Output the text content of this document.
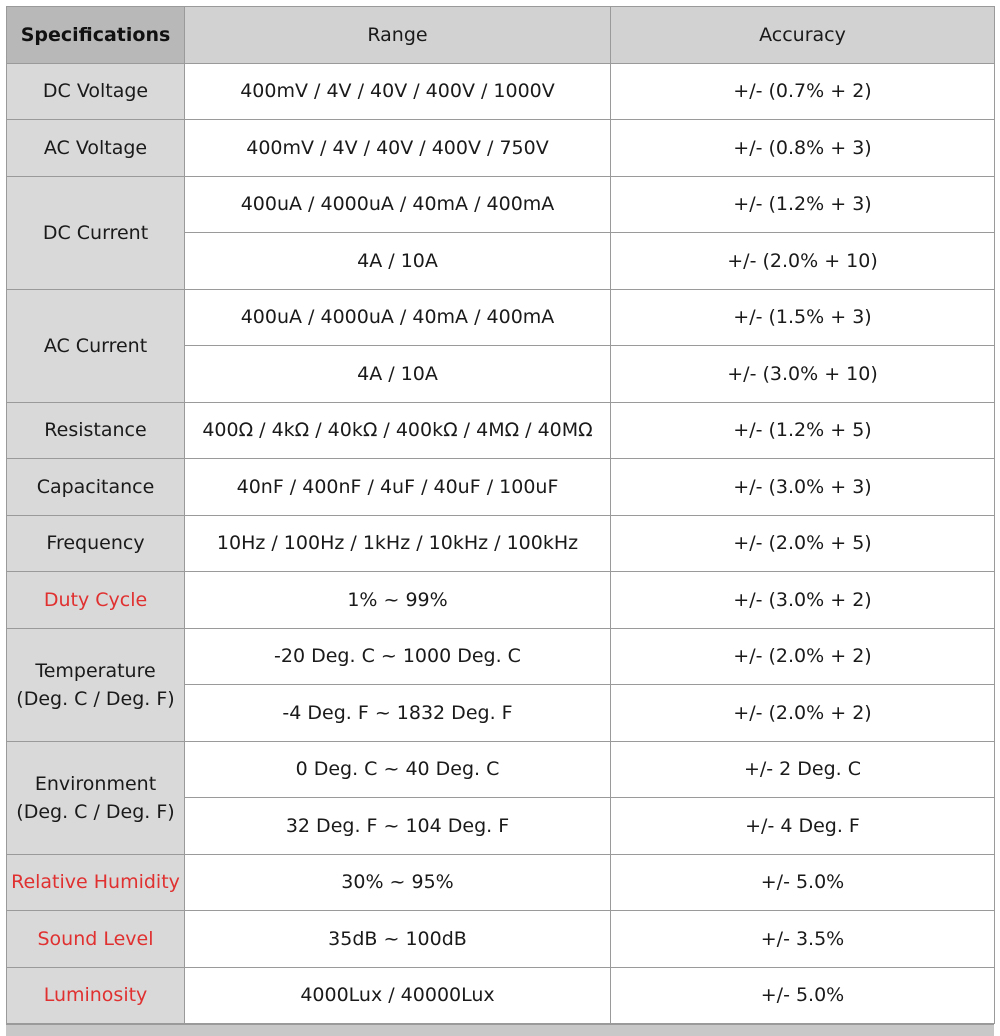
Specifications	Range	Accuracy
DC Voltage	400mV / 4V / 40V / 400V / 1000V	+/- (0.7% + 2)
AC Voltage	400mV / 4V / 40V / 400V / 750V	+/- (0.8% + 3)
DC Current	400uA / 4000uA / 40mA / 400mA	+/- (1.2% + 3)
	4A / 10A	+/- (2.0% + 10)
AC Current	400uA / 4000uA / 40mA / 400mA	+/- (1.5% + 3)
	4A / 10A	+/- (3.0% + 10)
Resistance	400Ω / 4kΩ / 40kΩ / 400kΩ / 4MΩ / 40MΩ	+/- (1.2% + 5)
Capacitance	40nF / 400nF / 4uF / 40uF / 100uF	+/- (3.0% + 3)
Frequency	10Hz / 100Hz / 1kHz / 10kHz / 100kHz	+/- (2.0% + 5)
Duty Cycle	1% ~ 99%	+/- (3.0% + 2)
Temperature
(Deg. C / Deg. F)	-20 Deg. C ~ 1000 Deg. C	+/- (2.0% + 2)
	-4 Deg. F ~ 1832 Deg. F	+/- (2.0% + 2)
Environment
(Deg. C / Deg. F)	0 Deg. C ~ 40 Deg. C	+/- 2 Deg. C
	32 Deg. F ~ 104 Deg. F	+/- 4 Deg. F
Relative Humidity	30% ~ 95%	+/- 5.0%
Sound Level	35dB ~ 100dB	+/- 3.5%
Luminosity	4000Lux / 40000Lux	+/- 5.0%
